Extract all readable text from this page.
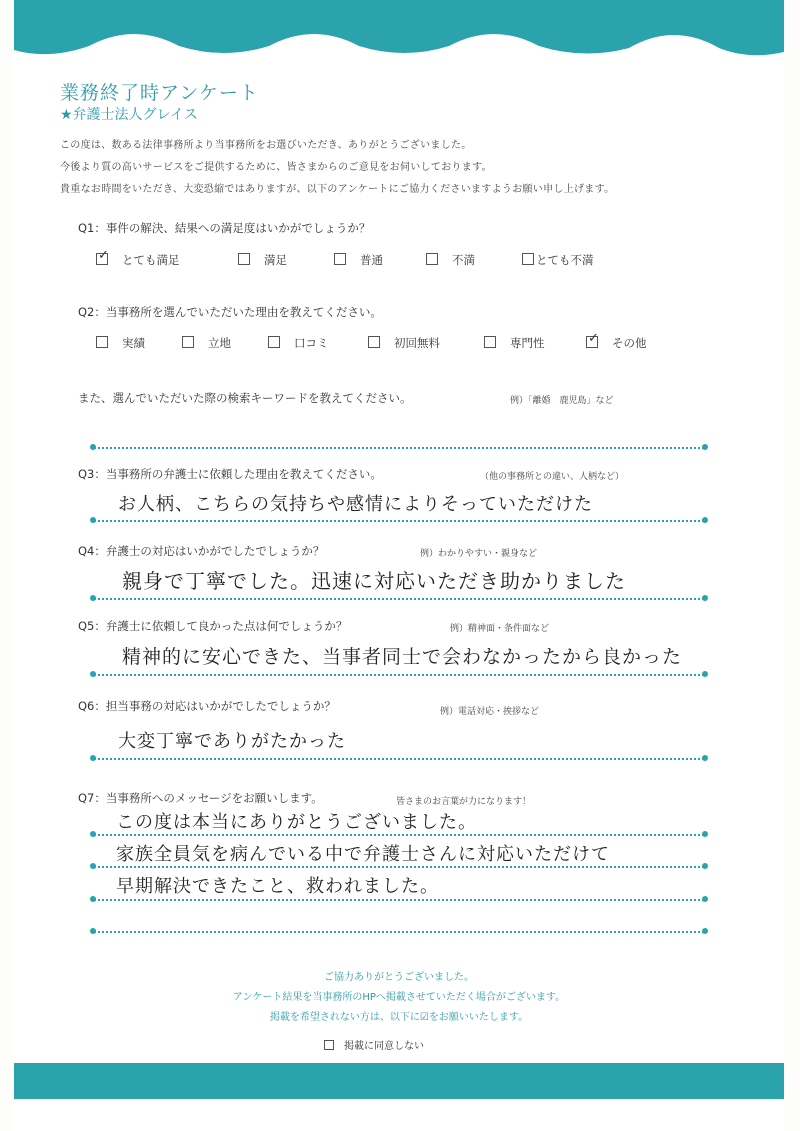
業務終了時アンケート
★弁護士法人グレイス
この度は、数ある法律事務所より当事務所をお選びいただき、ありがとうございました。
今後より質の高いサービスをご提供するために、皆さまからのご意見をお伺いしております。
貴重なお時間をいただき、大変恐縮ではありますが、以下のアンケートにご協力くださいますようお願い申し上げます。
Q1：事件の解決、結果への満足度はいかがでしょうか？
✓とても満足	満足	普通	不満	とても不満
Q2：当事務所を選んでいただいた理由を教えてください。
実績	立地	口コミ	初回無料	専門性
✓	その他
また、選んでいただいた際の検索キーワードを教えてください。	例）「離婚　鹿児島」など
Q3：当事務所の弁護士に依頼した理由を教えてください。	（他の事務所との違い、人柄など）
お人柄、こちらの気持ちや感情によりそっていただけた
Q4：弁護士の対応はいかがでしたでしょうか？	例）わかりやすい・親身など
親身で丁寧でした。迅速に対応いただき助かりました
Q5：弁護士に依頼して良かった点は何でしょうか？	例）精神面・条件面など
精神的に安心できた、当事者同士で会わなかったから良かった
Q6：担当事務の対応はいかがでしたでしょうか？	例）電話対応・挨拶など
大変丁寧でありがたかった
Q7：当事務所へのメッセージをお願いします。	皆さまのお言葉が力になります！
この度は本当にありがとうございました。
家族全員気を病んでいる中で弁護士さんに対応いただけて
早期解決できたこと、救われました。
ご協力ありがとうございました。
アンケート結果を当事務所のHPへ掲載させていただく場合がございます。
掲載を希望されない方は、以下に☑をお願いいたします。
掲載に同意しない
